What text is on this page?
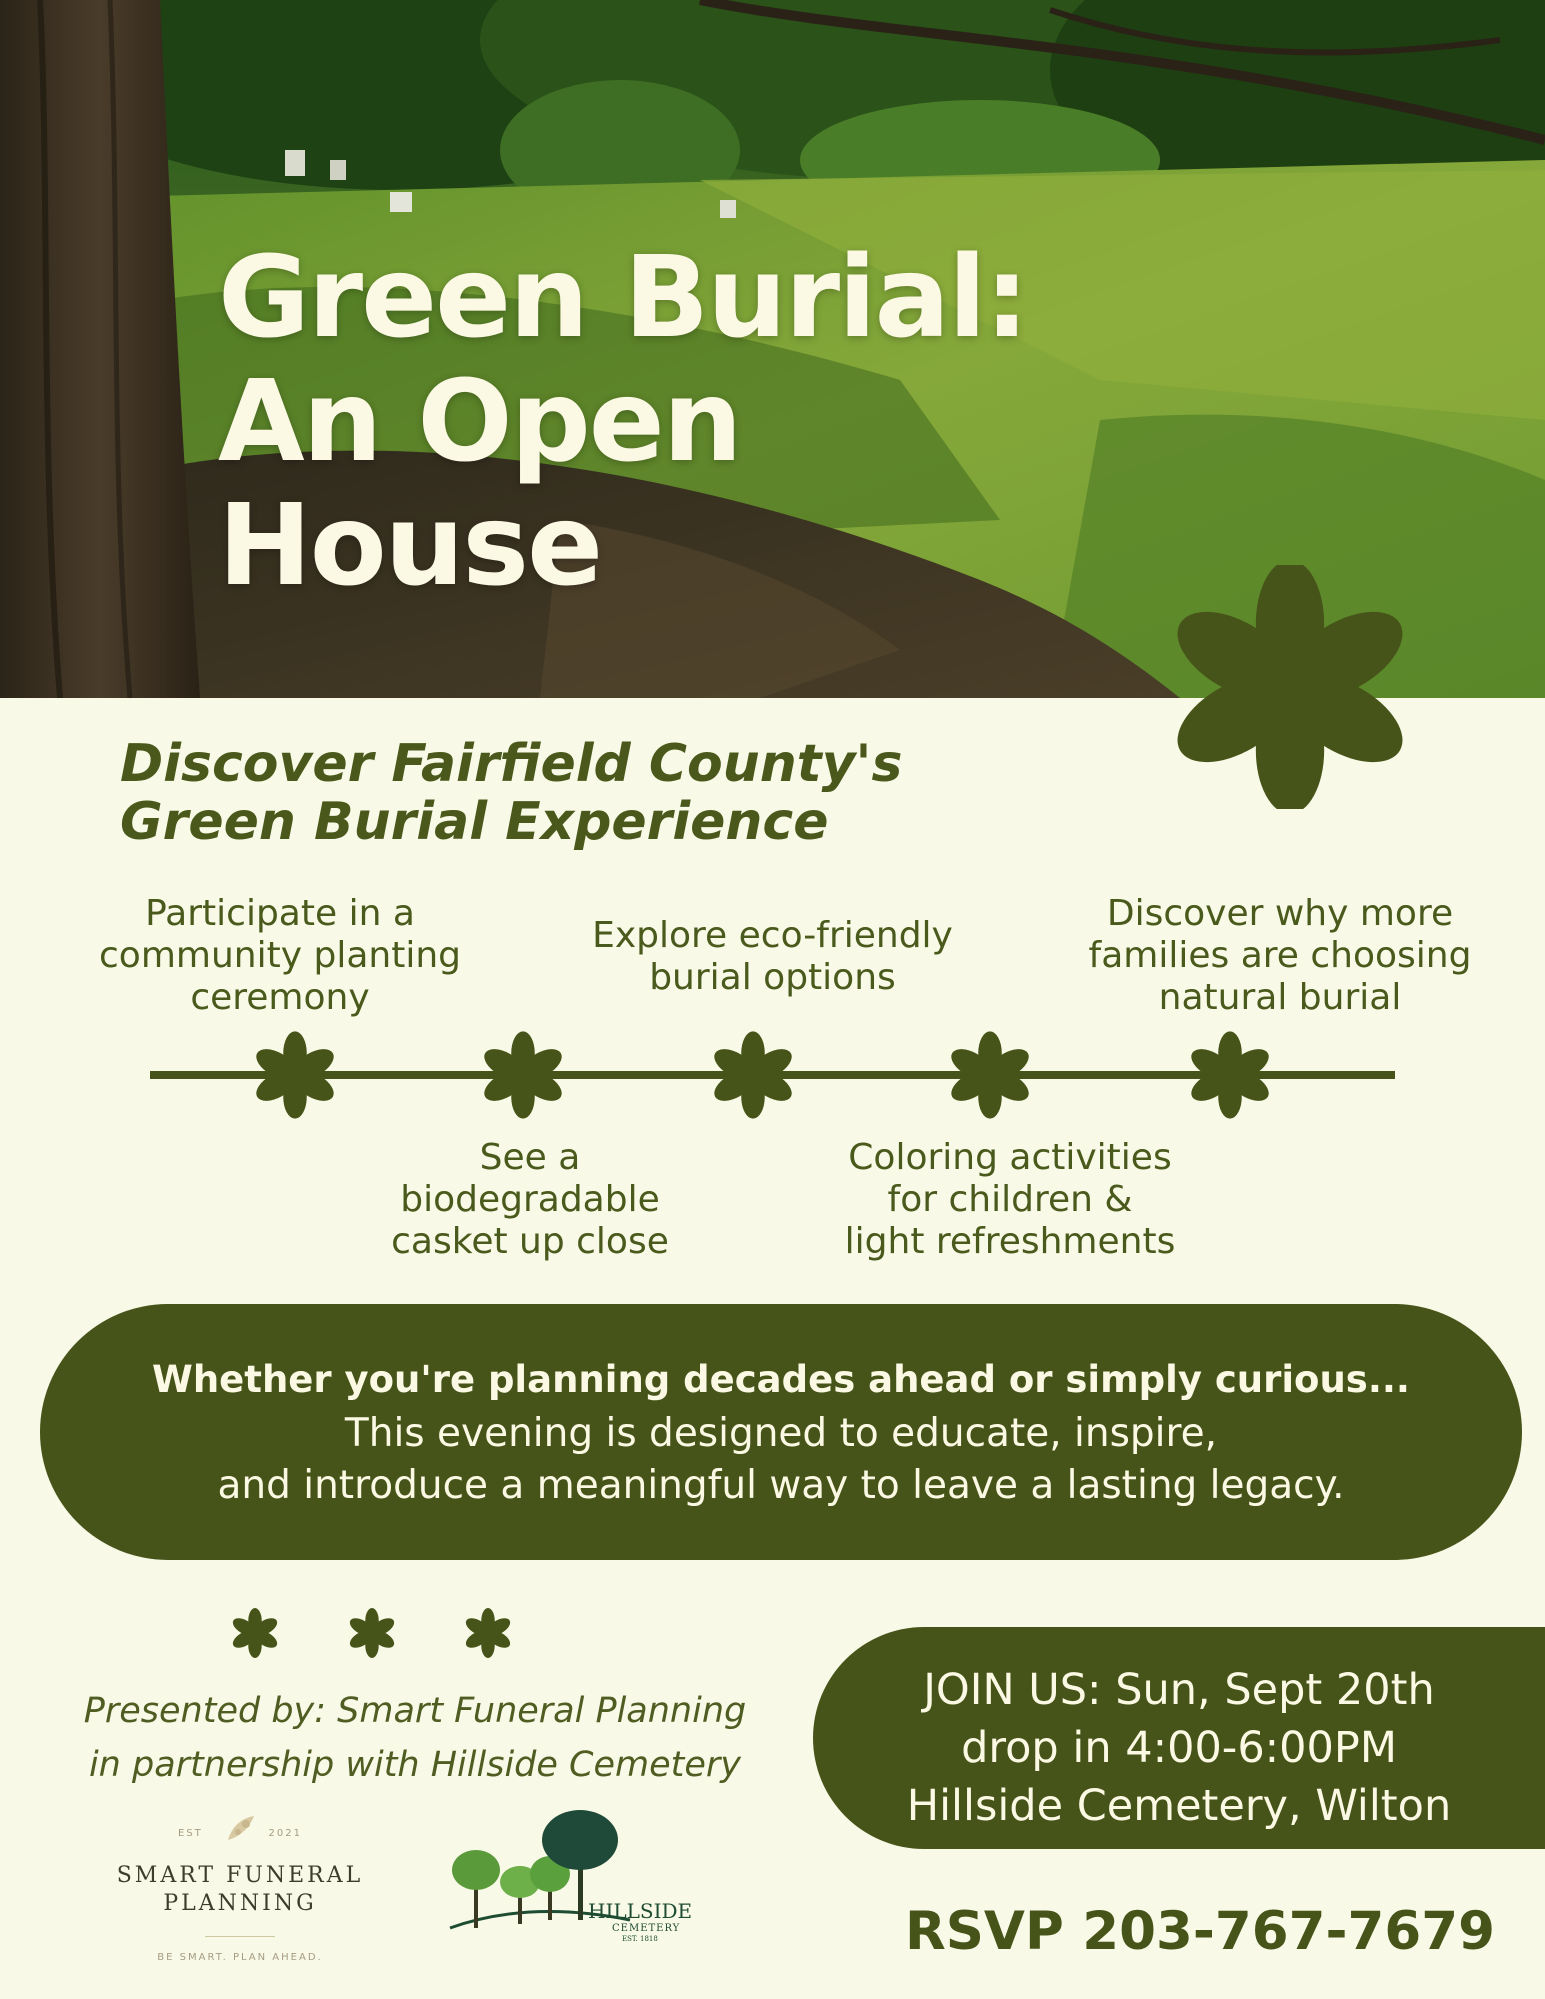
Green Burial:
An Open
House
Discover Fairfield County's
Green Burial Experience
Participate in a
community planting
ceremony
Explore eco-friendly
burial options
Discover why more
families are choosing
natural burial
See a
biodegradable
casket up close
Coloring activities
for children &
light refreshments
Whether you're planning decades ahead or simply curious...
This evening is designed to educate, inspire,
and introduce a meaningful way to leave a lasting legacy.
Presented by: Smart Funeral Planning
in partnership with Hillside Cemetery
EST	2021
SMART FUNERAL
PLANNING
BE SMART. PLAN AHEAD.
HILLSIDE
CEMETERY
EST. 1818
JOIN US: Sun, Sept 20th
drop in 4:00-6:00PM
Hillside Cemetery, Wilton
RSVP 203-767-7679
